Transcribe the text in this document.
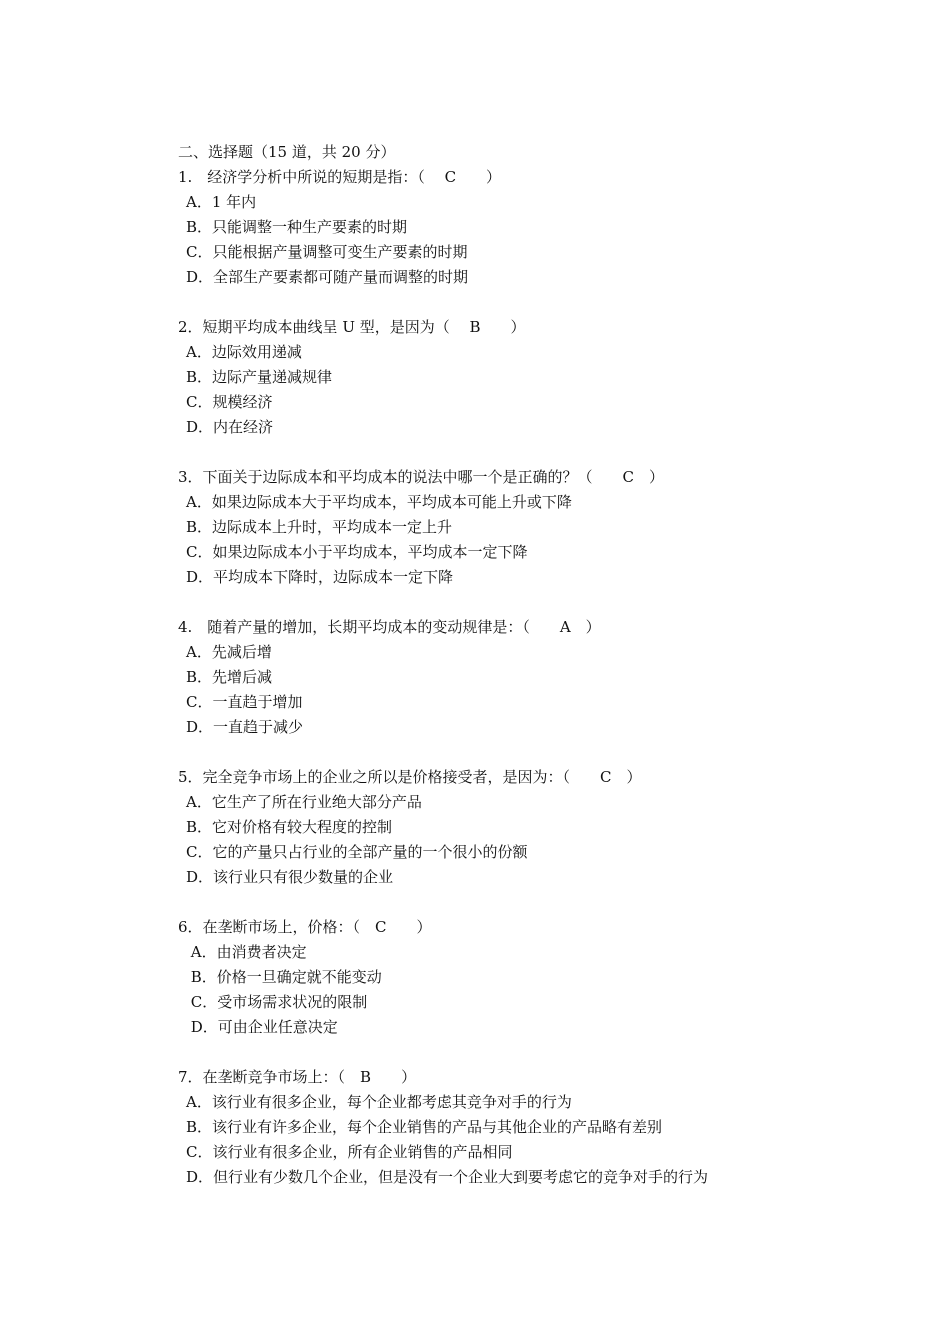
二、选择题（15 道，共 20 分）
1.　经济学分析中所说的短期是指：（　 C　　）
A．1 年内
B．只能调整一种生产要素的时期
C．只能根据产量调整可变生产要素的时期
D．全部生产要素都可随产量而调整的时期
2．短期平均成本曲线呈 U 型，是因为（　 B　　）
A．边际效用递减
B．边际产量递减规律
C．规模经济
D．内在经济
3．下面关于边际成本和平均成本的说法中哪一个是正确的？（　　C　）
A．如果边际成本大于平均成本，平均成本可能上升或下降
B．边际成本上升时，平均成本一定上升
C．如果边际成本小于平均成本，平均成本一定下降
D．平均成本下降时，边际成本一定下降
4.　随着产量的增加，长期平均成本的变动规律是：（　　A　）
A．先减后增
B．先增后减
C．一直趋于增加
D．一直趋于减少
5．完全竞争市场上的企业之所以是价格接受者，是因为：（　　C　）
A．它生产了所在行业绝大部分产品
B．它对价格有较大程度的控制
C．它的产量只占行业的全部产量的一个很小的份额
D．该行业只有很少数量的企业
6．在垄断市场上，价格：（　C　　）
A．由消费者决定
B．价格一旦确定就不能变动
C．受市场需求状况的限制
D．可由企业任意决定
7．在垄断竞争市场上：（　B　　）
A．该行业有很多企业，每个企业都考虑其竞争对手的行为
B．该行业有许多企业，每个企业销售的产品与其他企业的产品略有差别
C．该行业有很多企业，所有企业销售的产品相同
D．但行业有少数几个企业，但是没有一个企业大到要考虑它的竞争对手的行为
